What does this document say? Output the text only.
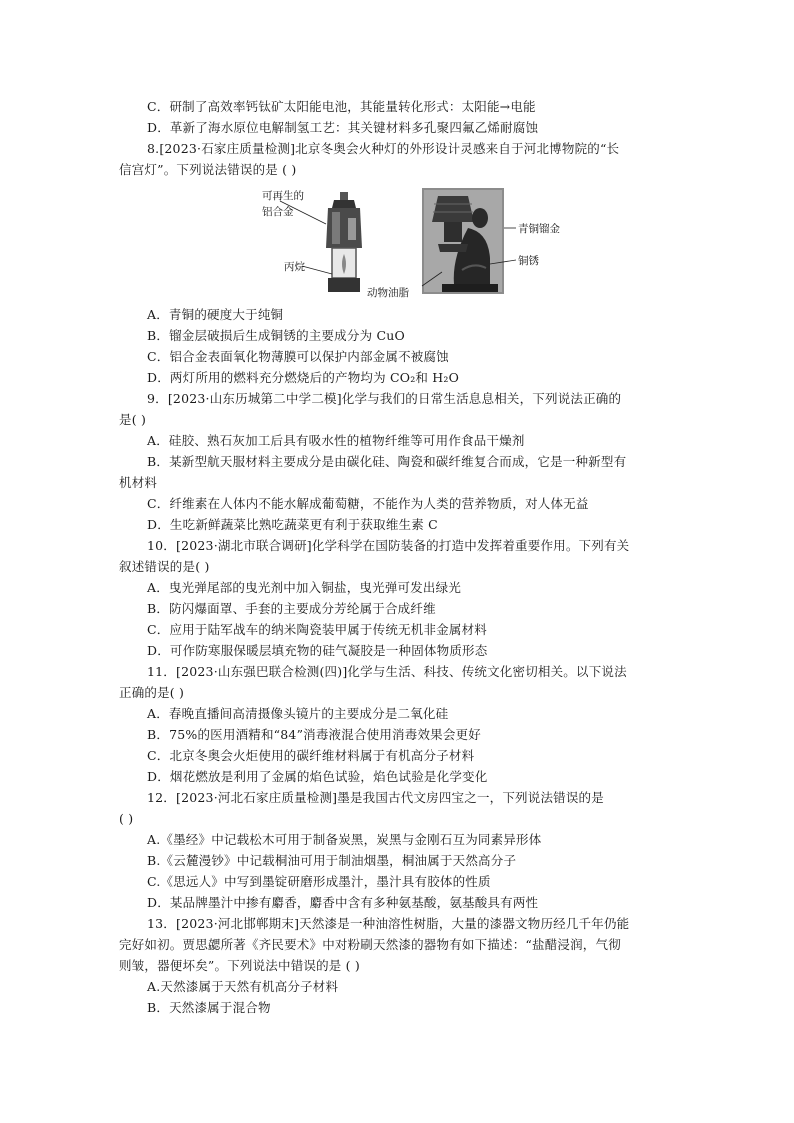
C．研制了高效率钙钛矿太阳能电池，其能量转化形式：太阳能→电能
D．革新了海水原位电解制氢工艺：其关键材料多孔聚四氟乙烯耐腐蚀
8.[2023·石家庄质量检测]北京冬奥会火种灯的外形设计灵感来自于河北博物院的“长
信宫灯”。下列说法错误的是 ( )
可再生的
铝合金
丙烷
青铜镏金
铜锈
动物油脂
A．青铜的硬度大于纯铜
B．镏金层破损后生成铜锈的主要成分为 CuO
C．铝合金表面氧化物薄膜可以保护内部金属不被腐蚀
D．两灯所用的燃料充分燃烧后的产物均为 CO₂和 H₂O
9．[2023·山东历城第二中学二模]化学与我们的日常生活息息相关，下列说法正确的
是( )
A．硅胶、熟石灰加工后具有吸水性的植物纤维等可用作食品干燥剂
B．某新型航天服材料主要成分是由碳化硅、陶瓷和碳纤维复合而成，它是一种新型有
机材料
C．纤维素在人体内不能水解成葡萄糖，不能作为人类的营养物质，对人体无益
D．生吃新鲜蔬菜比熟吃蔬菜更有利于获取维生素 C
10．[2023·湖北市联合调研]化学科学在国防装备的打造中发挥着重要作用。下列有关
叙述错误的是( )
A．曳光弹尾部的曳光剂中加入铜盐，曳光弹可发出绿光
B．防闪爆面罩、手套的主要成分芳纶属于合成纤维
C．应用于陆军战车的纳米陶瓷装甲属于传统无机非金属材料
D．可作防寒服保暖层填充物的硅气凝胶是一种固体物质形态
11．[2023·山东强巴联合检测(四)]化学与生活、科技、传统文化密切相关。以下说法
正确的是( )
A．春晚直播间高清摄像头镜片的主要成分是二氧化硅
B．75%的医用酒精和“84”消毒液混合使用消毒效果会更好
C．北京冬奥会火炬使用的碳纤维材料属于有机高分子材料
D．烟花燃放是利用了金属的焰色试验，焰色试验是化学变化
12．[2023·河北石家庄质量检测]墨是我国古代文房四宝之一，下列说法错误的是
( )
A.《墨经》中记载松木可用于制备炭黑，炭黑与金刚石互为同素异形体
B.《云麓漫钞》中记载桐油可用于制油烟墨，桐油属于天然高分子
C.《思远人》中写到墨锭研磨形成墨汁，墨汁具有胶体的性质
D．某品牌墨汁中掺有麝香，麝香中含有多种氨基酸，氨基酸具有两性
13．[2023·河北邯郸期末]天然漆是一种油溶性树脂，大量的漆器文物历经几千年仍能
完好如初。贾思勰所著《齐民要术》中对粉刷天然漆的器物有如下描述：“盐醋浸润，气彻
则皱，器便坏矣”。下列说法中错误的是 ( )
A.天然漆属于天然有机高分子材料
B．天然漆属于混合物
